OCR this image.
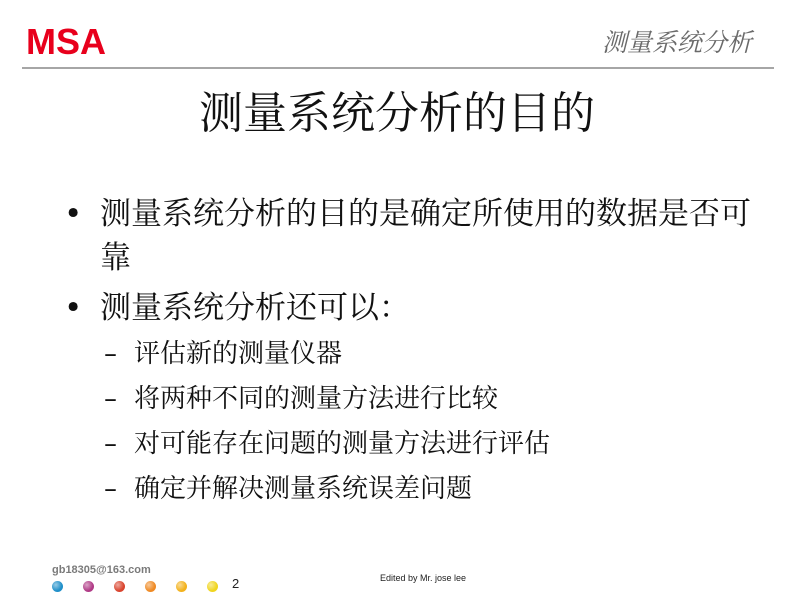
MSA	测量系统分析
测量系统分析的目的
• 测量系统分析的目的是确定所使用的数据是否可靠
• 测量系统分析还可以：
– 评估新的测量仪器
– 将两种不同的测量方法进行比较
– 对可能存在问题的测量方法进行评估
– 确定并解决测量系统误差问题
gb18305@163.com
2	Edited by Mr. jose lee
